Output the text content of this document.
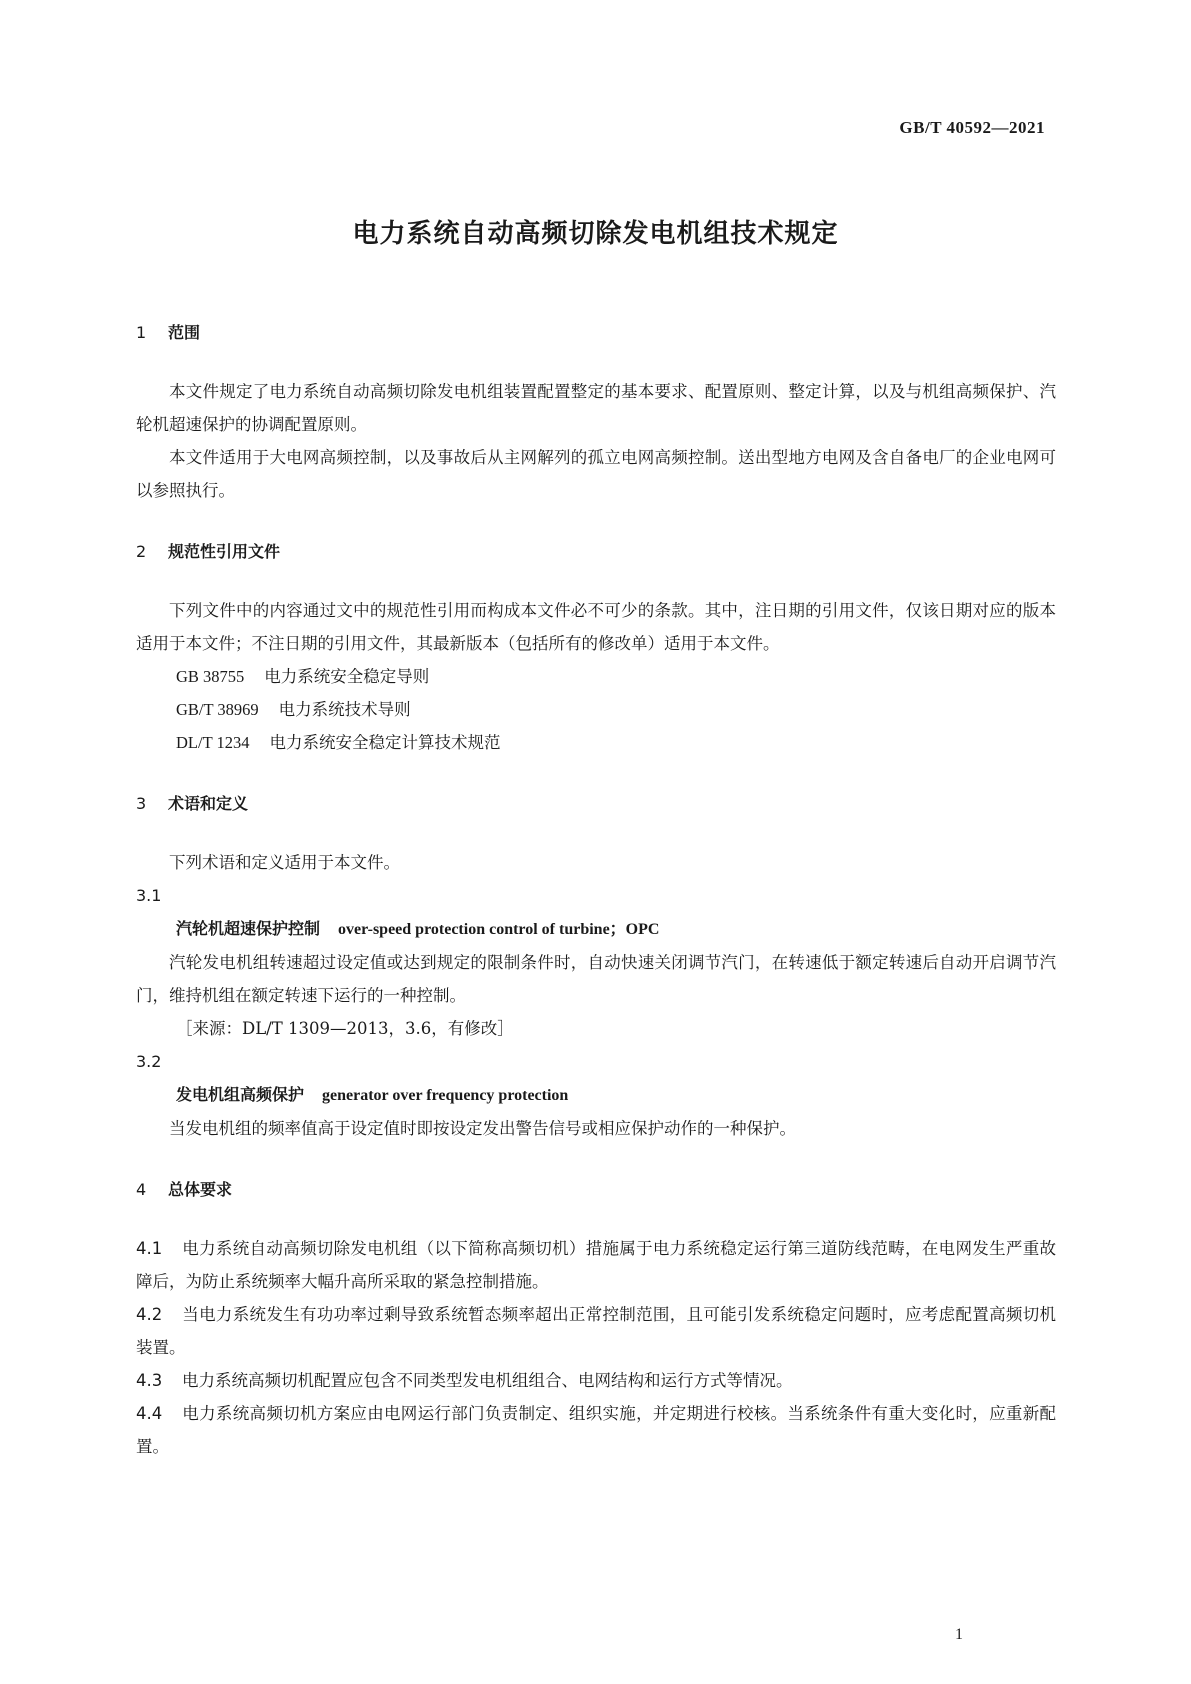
GB/T 40592—2021
电力系统自动高频切除发电机组技术规定
1 范围

本文件规定了电力系统自动高频切除发电机组装置配置整定的基本要求、配置原则、整定计算，以及与机组高频保护、汽轮机超速保护的协调配置原则。

本文件适用于大电网高频控制，以及事故后从主网解列的孤立电网高频控制。送出型地方电网及含自备电厂的企业电网可以参照执行。

2 规范性引用文件

下列文件中的内容通过文中的规范性引用而构成本文件必不可少的条款。其中，注日期的引用文件，仅该日期对应的版本适用于本文件；不注日期的引用文件，其最新版本（包括所有的修改单）适用于本文件。

GB 38755 电力系统安全稳定导则

GB/T 38969 电力系统技术导则

DL/T 1234 电力系统安全稳定计算技术规范

3 术语和定义

下列术语和定义适用于本文件。

3.1

汽轮机超速保护控制 over-speed protection control of turbine；OPC

汽轮发电机组转速超过设定值或达到规定的限制条件时，自动快速关闭调节汽门，在转速低于额定转速后自动开启调节汽门，维持机组在额定转速下运行的一种控制。

［来源：DL/T 1309—2013，3.6，有修改］

3.2

发电机组高频保护 generator over frequency protection

当发电机组的频率值高于设定值时即按设定发出警告信号或相应保护动作的一种保护。

4 总体要求

4.1 电力系统自动高频切除发电机组（以下简称高频切机）措施属于电力系统稳定运行第三道防线范畴，在电网发生严重故障后，为防止系统频率大幅升高所采取的紧急控制措施。

4.2 当电力系统发生有功功率过剩导致系统暂态频率超出正常控制范围，且可能引发系统稳定问题时，应考虑配置高频切机装置。

4.3 电力系统高频切机配置应包含不同类型发电机组组合、电网结构和运行方式等情况。

4.4 电力系统高频切机方案应由电网运行部门负责制定、组织实施，并定期进行校核。当系统条件有重大变化时，应重新配置。

1
